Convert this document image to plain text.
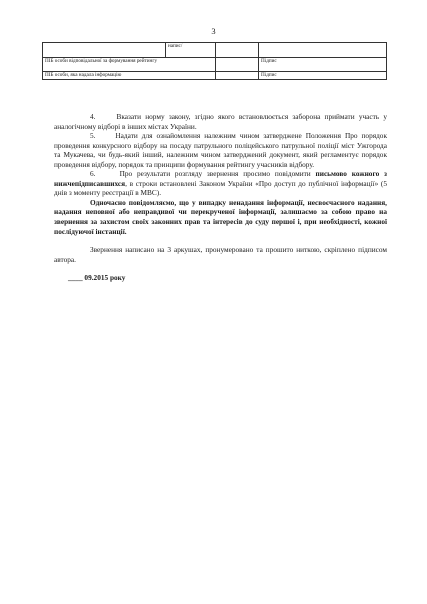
3
	напис/		
ПІБ особи відповідальної за формування рейтингу			Підпис
ПІБ особи, яка надала інформацію			Підпис

4.     Вказати норму закону, згідно якого встановлюється заборона приймати участь у аналогічному відборі в інших містах України.

5.     Надати для ознайомлення належним чином затверджене Положення Про порядок проведення конкурсного відбору на посаду патрульного поліцейського патрульної поліції міст Ужгорода та Мукачева, чи будь-який інший, належним чином затверджений документ, який регламентує порядок проведення відбору, порядок та принципи формування рейтингу учасників відбору.

6.     Про результати розгляду звернення просимо повідомити письмово кожного з нижчепідписавшихся, в строки встановлені Законом України «Про доступ до публічної інформації» (5 днів з моменту реєстрації в МВС).

Одночасно повідомляємо, що у випадку ненадання інформації, несвоєчасного надання, надання неповної або неправдивої чи перекрученої інформації, залишаємо за собою право на звернення за захистом своїх законних прав та інтересів до суду першої і, при необхідності, кожної послідуючої інстанції.

Звернення написано на 3 аркушах, пронумеровано та прошито ниткою, скріплено підписом автора.

____ 09.2015 року
